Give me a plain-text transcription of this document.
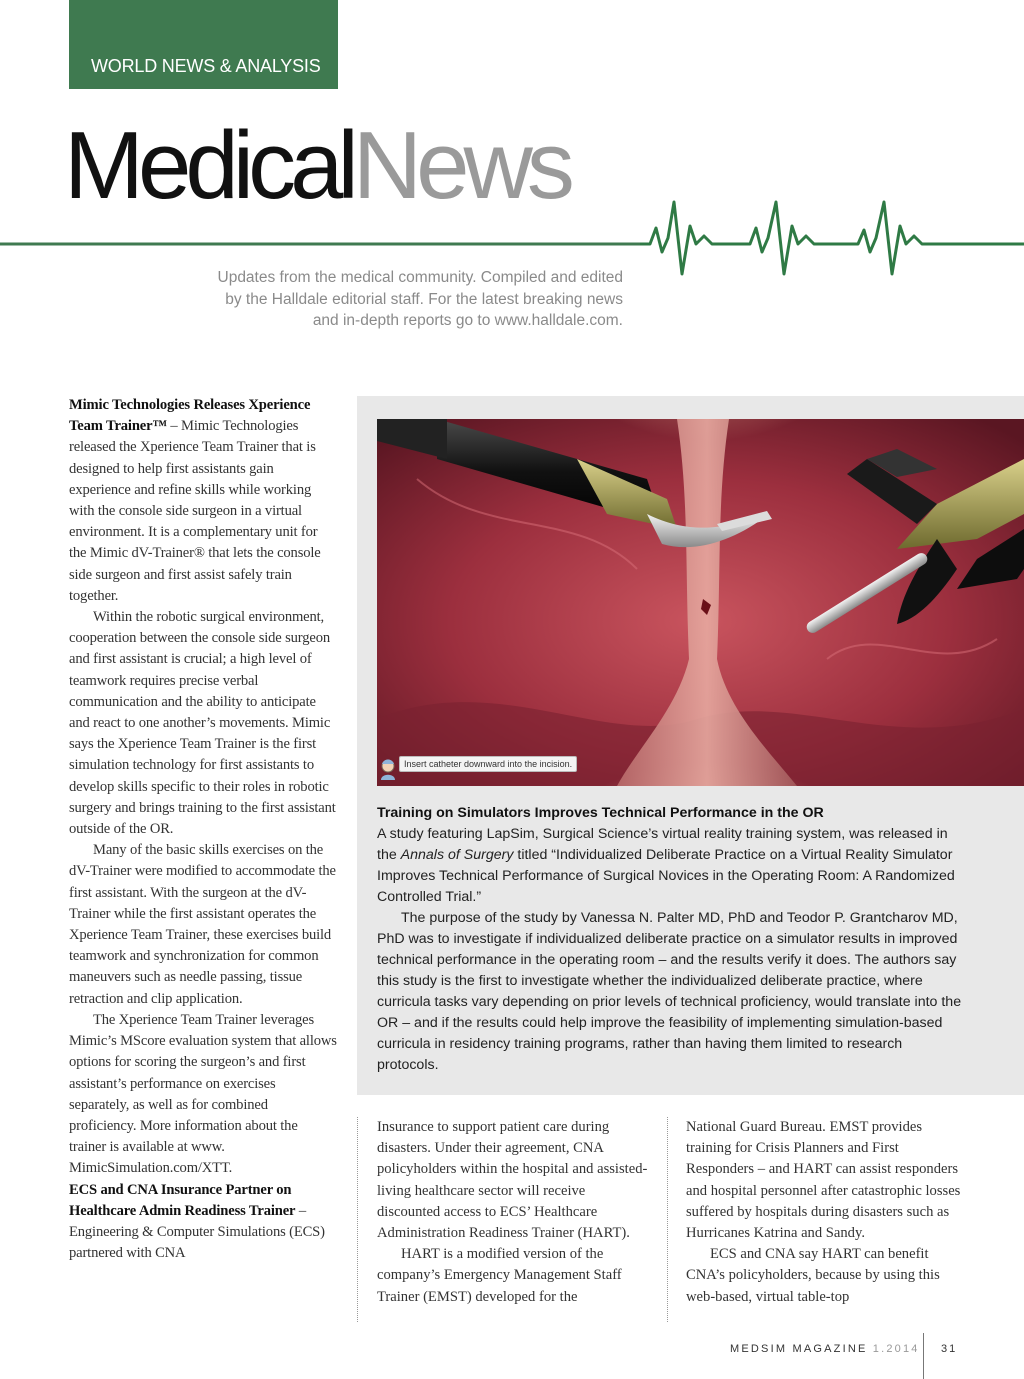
WORLD NEWS & ANALYSIS
MedicalNews
Updates from the medical community. Compiled and edited
by the Halldale editorial staff. For the latest breaking news
and in-depth reports go to www.halldale.com.

Mimic Technologies Releases Xperience Team Trainer™ – Mimic Technologies released the Xperience Team Trainer that is designed to help first assistants gain experience and refine skills while working with the console side surgeon in a virtual environment. It is a complementary unit for the Mimic dV-Trainer® that lets the console side surgeon and first assist safely train together.

Within the robotic surgical environment, cooperation between the console side surgeon and first assistant is crucial; a high level of teamwork requires precise verbal communication and the ability to anticipate and react to one another’s movements. Mimic says the Xperience Team Trainer is the first simulation technology for first assistants to develop skills specific to their roles in robotic surgery and brings training to the first assistant outside of the OR.

Many of the basic skills exercises on the dV-Trainer were modified to accommodate the first assistant. With the surgeon at the dV-Trainer while the first assistant operates the Xperience Team Trainer, these exercises build teamwork and synchronization for common maneuvers such as needle passing, tissue retraction and clip application.

The Xperience Team Trainer leverages Mimic’s MScore evaluation system that allows options for scoring the surgeon’s and first assistant’s performance on exercises separately, as well as for combined proficiency. More information about the trainer is available at www. MimicSimulation.com/XTT.

ECS and CNA Insurance Partner on Healthcare Admin Readiness Trainer – Engineering & Computer Simulations (ECS) partnered with CNA

Insert catheter downward into the incision.

Training on Simulators Improves Technical Performance in the OR

A study featuring LapSim, Surgical Science’s virtual reality training system, was released in the Annals of Surgery titled “Individualized Deliberate Practice on a Virtual Reality Simulator Improves Technical Performance of Surgical Novices in the Operating Room: A Randomized Controlled Trial.”

The purpose of the study by Vanessa N. Palter MD, PhD and Teodor P. Grantcharov MD, PhD was to investigate if individualized deliberate practice on a simulator results in improved technical performance in the operating room – and the results verify it does. The authors say this study is the first to investigate whether the individualized deliberate practice, where curricula tasks vary depending on prior levels of technical proficiency, would translate into the OR – and if the results could help improve the feasibility of implementing simulation-based curricula in residency training programs, rather than having them limited to research protocols.

Insurance to support patient care during disasters. Under their agreement, CNA policyholders within the hospital and assisted-living healthcare sector will receive discounted access to ECS’ Healthcare Administration Readiness Trainer (HART).

HART is a modified version of the company’s Emergency Management Staff Trainer (EMST) developed for the

National Guard Bureau. EMST provides training for Crisis Planners and First Responders – and HART can assist responders and hospital personnel after catastrophic losses suffered by hospitals during disasters such as Hurricanes Katrina and Sandy.

ECS and CNA say HART can benefit CNA’s policyholders, because by using this web-based, virtual table-top

MEDSIM MAGAZINE 1.2014 31
